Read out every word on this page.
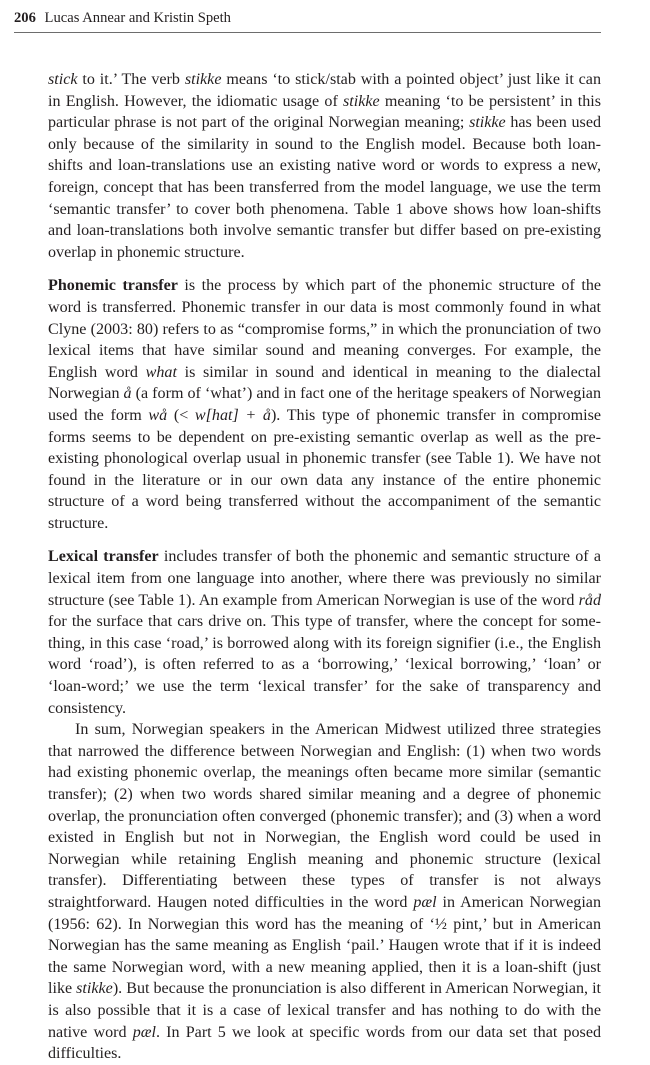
206 Lucas Annear and Kristin Speth

stick to it.’ The verb stikke means ‘to stick/stab with a pointed object’ just like it can in English. However, the idiomatic usage of stikke meaning ‘to be persistent’ in this particular phrase is not part of the original Norwegian meaning; stikke has been used only because of the similarity in sound to the English model. Because both loan-shifts and loan-translations use an existing native word or words to express a new, foreign, concept that has been transferred from the model language, we use the term ‘semantic transfer’ to cover both phenomena. Table 1 above shows how loan-shifts and loan-translations both involve semantic transfer but differ based on pre-existing overlap in phonemic structure.

Phonemic transfer is the process by which part of the phonemic structure of the word is transferred. Phonemic transfer in our data is most commonly found in what Clyne (2003: 80) refers to as “compromise forms,” in which the pronunciation of two lexical items that have similar sound and meaning converges. For example, the English word what is similar in sound and identical in meaning to the dialectal Norwegian å (a form of ‘what’) and in fact one of the heritage speakers of Norwegian used the form wå (< w[hat] + å). This type of phonemic transfer in compromise forms seems to be dependent on pre-existing semantic overlap as well as the pre-existing phonological overlap usual in phonemic transfer (see Table 1). We have not found in the literature or in our own data any instance of the entire phonemic structure of a word being transferred without the accompaniment of the semantic structure.

Lexical transfer includes transfer of both the phonemic and semantic structure of a lexical item from one language into another, where there was previously no similar structure (see Table 1). An example from American Norwegian is use of the word råd for the surface that cars drive on. This type of transfer, where the concept for something, in this case ‘road,’ is borrowed along with its foreign signifier (i.e., the English word ‘road’), is often referred to as a ‘borrowing,’ ‘lexical borrowing,’ ‘loan’ or ‘loan-word;’ we use the term ‘lexical transfer’ for the sake of transparency and consistency.

In sum, Norwegian speakers in the American Midwest utilized three strategies that narrowed the difference between Norwegian and English: (1) when two words had existing phonemic overlap, the meanings often became more similar (semantic transfer); (2) when two words shared similar meaning and a degree of phonemic overlap, the pronunciation often converged (phonemic transfer); and (3) when a word existed in English but not in Norwegian, the English word could be used in Norwegian while retaining English meaning and phonemic structure (lexical transfer). Differentiating between these types of transfer is not always straightforward. Haugen noted difficulties in the word pæl in American Norwegian (1956: 62). In Norwegian this word has the meaning of ‘½ pint,’ but in American Norwegian has the same meaning as English ‘pail.’ Haugen wrote that if it is indeed the same Norwegian word, with a new meaning applied, then it is a loan-shift (just like stikke). But because the pronunciation is also different in American Norwegian, it is also possible that it is a case of lexical transfer and has nothing to do with the native word pæl. In Part 5 we look at specific words from our data set that posed difficulties.
